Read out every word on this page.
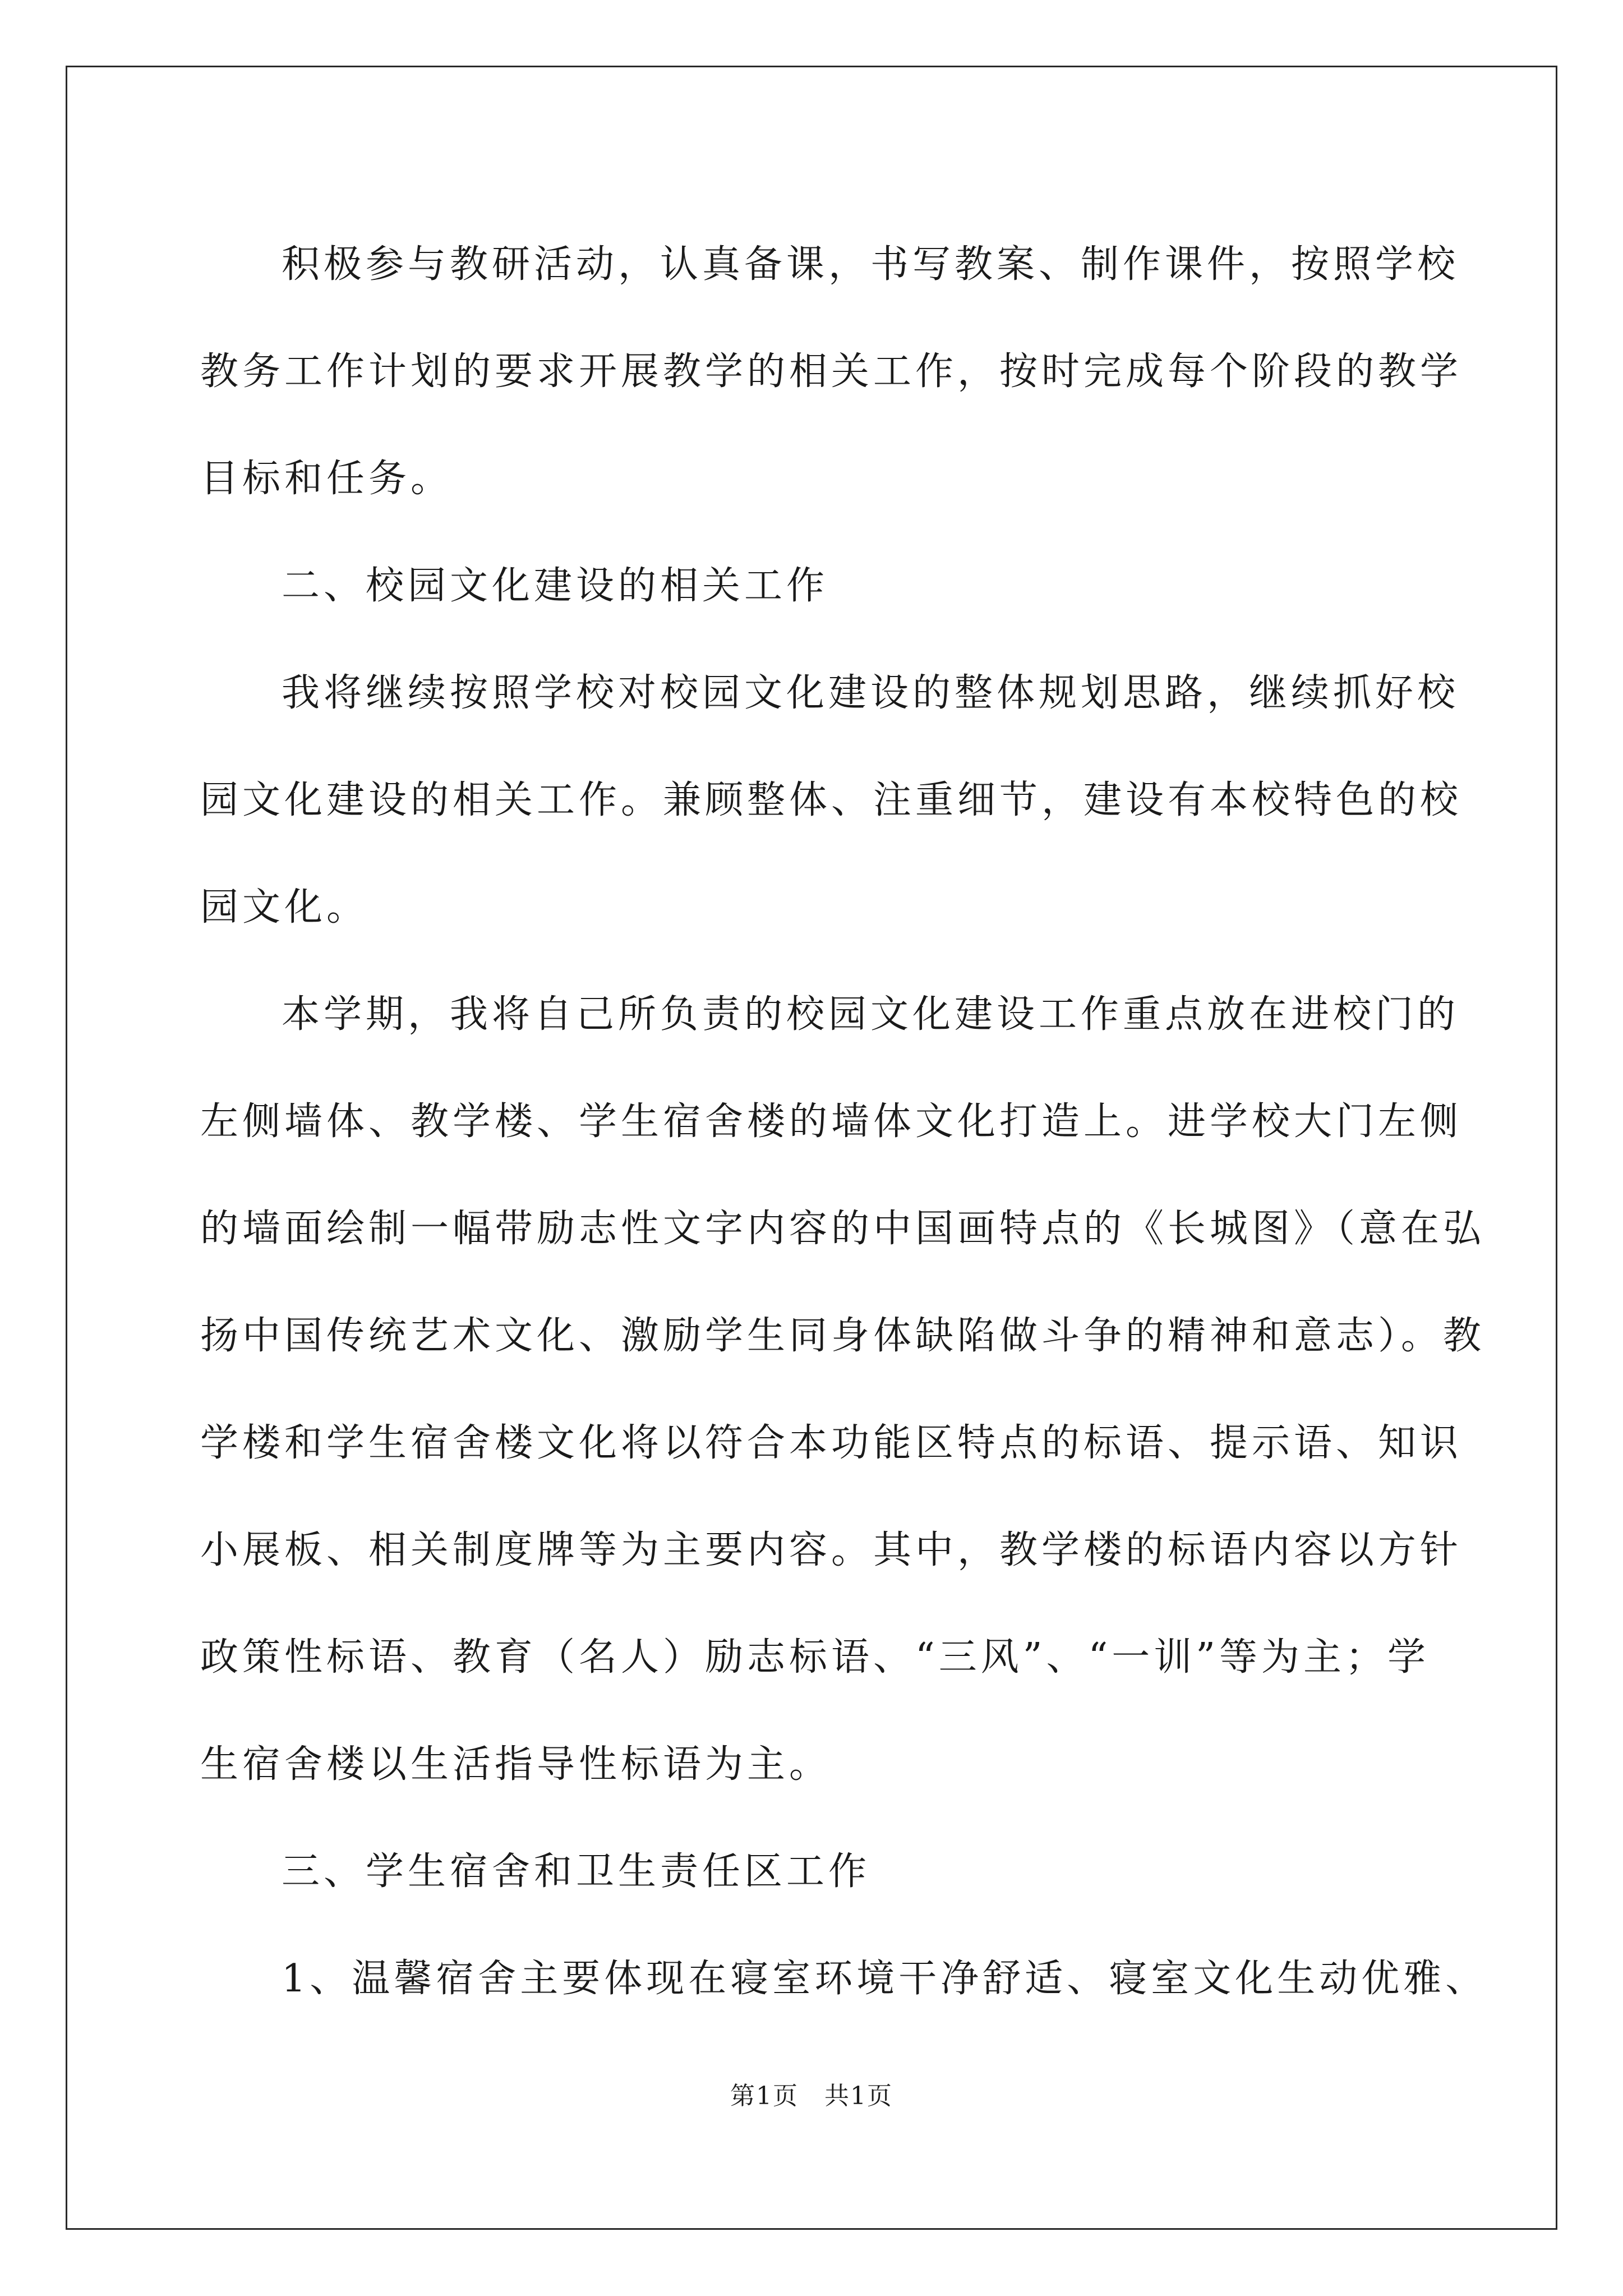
积极参与教研活动，认真备课，书写教案、制作课件，按照学校
教务工作计划的要求开展教学的相关工作，按时完成每个阶段的教学
目标和任务。
二、校园文化建设的相关工作
我将继续按照学校对校园文化建设的整体规划思路，继续抓好校
园文化建设的相关工作。兼顾整体、注重细节，建设有本校特色的校
园文化。
本学期，我将自己所负责的校园文化建设工作重点放在进校门的
左侧墙体、教学楼、学生宿舍楼的墙体文化打造上。进学校大门左侧
的墙面绘制一幅带励志性文字内容的中国画特点的《长城图》（意在弘
扬中国传统艺术文化、激励学生同身体缺陷做斗争的精神和意志）。教
学楼和学生宿舍楼文化将以符合本功能区特点的标语、提示语、知识
小展板、相关制度牌等为主要内容。其中，教学楼的标语内容以方针
政策性标语、教育（名人）励志标语、“三风”、“一训”等为主；学
生宿舍楼以生活指导性标语为主。
三、学生宿舍和卫生责任区工作
1、温馨宿舍主要体现在寝室环境干净舒适、寝室文化生动优雅、
第1页　共1页
